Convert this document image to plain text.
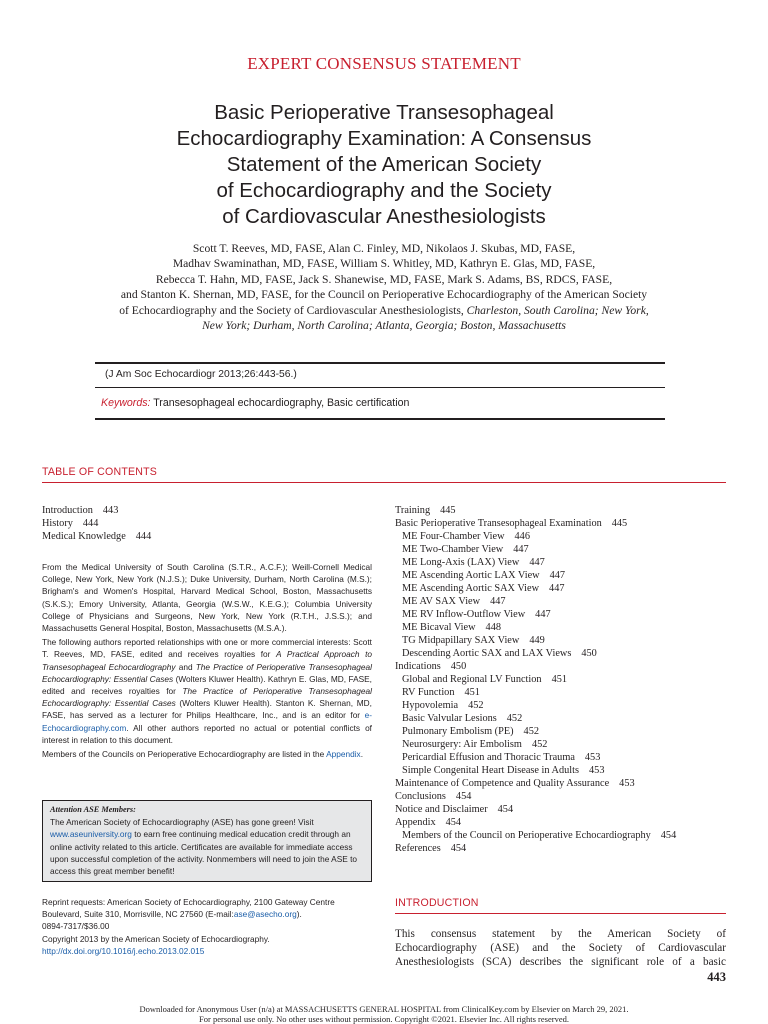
EXPERT CONSENSUS STATEMENT
Basic Perioperative Transesophageal
Echocardiography Examination: A Consensus
Statement of the American Society
of Echocardiography and the Society
of Cardiovascular Anesthesiologists
Scott T. Reeves, MD, FASE, Alan C. Finley, MD, Nikolaos J. Skubas, MD, FASE,
Madhav Swaminathan, MD, FASE, William S. Whitley, MD, Kathryn E. Glas, MD, FASE,
Rebecca T. Hahn, MD, FASE, Jack S. Shanewise, MD, FASE, Mark S. Adams, BS, RDCS, FASE,
and Stanton K. Shernan, MD, FASE, for the Council on Perioperative Echocardiography of the American Society
of Echocardiography and the Society of Cardiovascular Anesthesiologists, Charleston, South Carolina; New York,
New York; Durham, North Carolina; Atlanta, Georgia; Boston, Massachusetts
(J Am Soc Echocardiogr 2013;26:443-56.)
Keywords: Transesophageal echocardiography, Basic certification
TABLE OF CONTENTS
Introduction 443
History 444
Medical Knowledge 444
Training 445
Basic Perioperative Transesophageal Examination 445
ME Four-Chamber View 446
ME Two-Chamber View 447
ME Long-Axis (LAX) View 447
ME Ascending Aortic LAX View 447
ME Ascending Aortic SAX View 447
ME AV SAX View 447
ME RV Inflow-Outflow View 447
ME Bicaval View 448
TG Midpapillary SAX View 449
Descending Aortic SAX and LAX Views 450
Indications 450
Global and Regional LV Function 451
RV Function 451
Hypovolemia 452
Basic Valvular Lesions 452
Pulmonary Embolism (PE) 452
Neurosurgery: Air Embolism 452
Pericardial Effusion and Thoracic Trauma 453
Simple Congenital Heart Disease in Adults 453
Maintenance of Competence and Quality Assurance 453
Conclusions 454
Notice and Disclaimer 454
Appendix 454
Members of the Council on Perioperative Echocardiography 454
References 454

From the Medical University of South Carolina (S.T.R., A.C.F.); Weill-Cornell Medical College, New York, New York (N.J.S.); Duke University, Durham, North Carolina (M.S.); Brigham's and Women's Hospital, Harvard Medical School, Boston, Massachusetts (S.K.S.); Emory University, Atlanta, Georgia (W.S.W., K.E.G.); Columbia University College of Physicians and Surgeons, New York, New York (R.T.H., J.S.S.); and Massachusetts General Hospital, Boston, Massachusetts (M.S.A.).

The following authors reported relationships with one or more commercial interests: Scott T. Reeves, MD, FASE, edited and receives royalties for A Practical Approach to Transesophageal Echocardiography and The Practice of Perioperative Transesophageal Echocardiography: Essential Cases (Wolters Kluwer Health). Kathryn E. Glas, MD, FASE, edited and receives royalties for The Practice of Perioperative Transesophageal Echocardiography: Essential Cases (Wolters Kluwer Health). Stanton K. Shernan, MD, FASE, has served as a lecturer for Philips Healthcare, Inc., and is an editor for e-Echocardiography.com. All other authors reported no actual or potential conflicts of interest in relation to this document.

Members of the Councils on Perioperative Echocardiography are listed in the Appendix.

Attention ASE Members:
The American Society of Echocardiography (ASE) has gone green! Visit www.aseuniversity.org to earn free continuing medical education credit through an online activity related to this article. Certificates are available for immediate access upon successful completion of the activity. Nonmembers will need to join the ASE to access this great member benefit!
Reprint requests: American Society of Echocardiography, 2100 Gateway Centre
Boulevard, Suite 310, Morrisville, NC 27560 (E-mail:ase@asecho.org).
0894-7317/$36.00
Copyright 2013 by the American Society of Echocardiography.
http://dx.doi.org/10.1016/j.echo.2013.02.015
INTRODUCTION
This consensus statement by the American Society of
Echocardiography (ASE) and the Society of Cardiovascular
Anesthesiologists (SCA) describes the significant role of a basic
443
Downloaded for Anonymous User (n/a) at MASSACHUSETTS GENERAL HOSPITAL from ClinicalKey.com by Elsevier on March 29, 2021.
For personal use only. No other uses without permission. Copyright ©2021. Elsevier Inc. All rights reserved.
